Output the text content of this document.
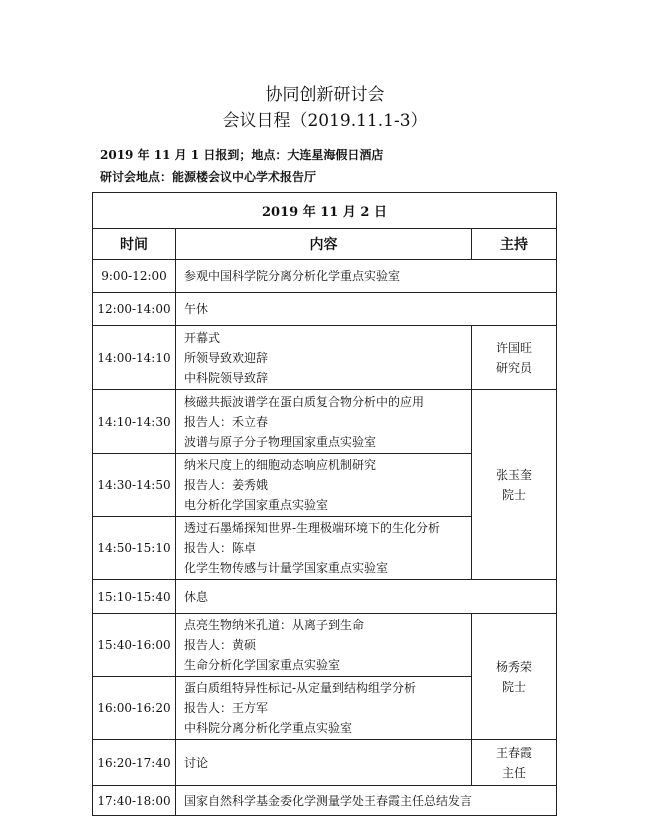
协同创新研讨会
会议日程（2019.11.1-3）
2019 年 11 月 1 日报到；地点：大连星海假日酒店
研讨会地点：能源楼会议中心学术报告厅
2019 年 11 月 2 日		
时间	内容	主持
9:00-12:00	参观中国科学院分离分析化学重点实验室	

12:00-14:00	午休	

14:00-14:10	开幕式
所领导致欢迎辞
中科院领导致辞	许国旺
研究员

14:10-14:30	核磁共振波谱学在蛋白质复合物分析中的应用
报告人：禾立春
波谱与原子分子物理国家重点实验室	张玉奎
院士

14:30-14:50	纳米尺度上的细胞动态响应机制研究
报告人：姜秀娥
电分析化学国家重点实验室	

14:50-15:10	透过石墨烯探知世界-生理极端环境下的生化分析
报告人：陈卓
化学生物传感与计量学国家重点实验室	

15:10-15:40	休息	

15:40-16:00	点亮生物纳米孔道：从离子到生命
报告人：黄硕
生命分析化学国家重点实验室	杨秀荣
院士

16:00-16:20	蛋白质组特异性标记-从定量到结构组学分析
报告人：王方军
中科院分离分析化学重点实验室	

16:20-17:40	讨论	王春霞
主任

17:40-18:00	国家自然科学基金委化学测量学处王春霞主任总结发言	
